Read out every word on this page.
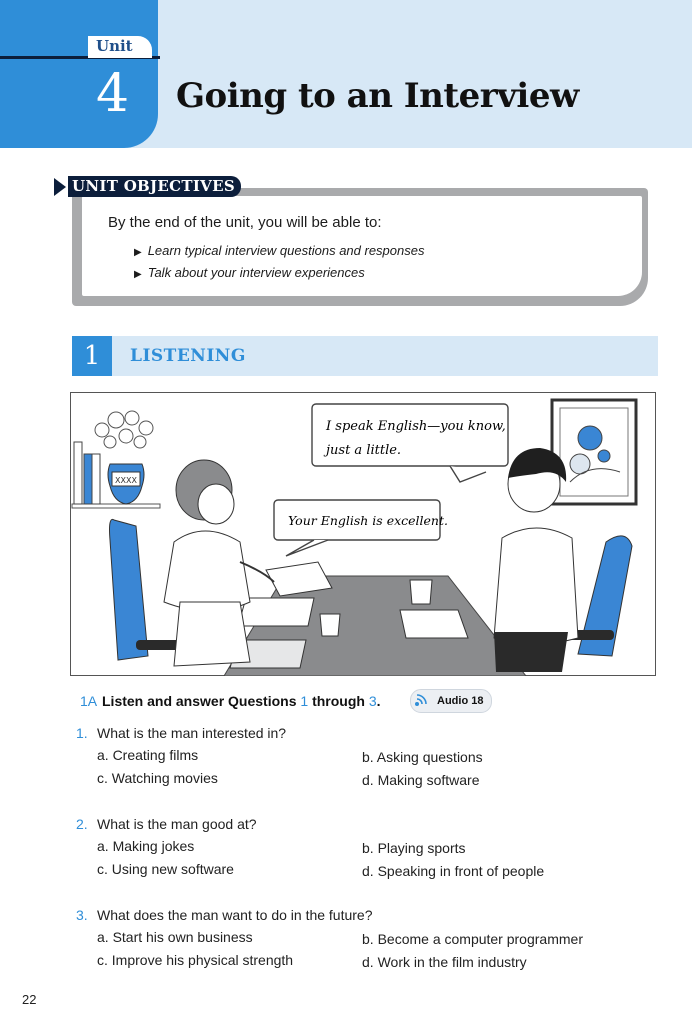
Unit
4 Going to an Interview
UNIT OBJECTIVES
By the end of the unit, you will be able to:
▶ Learn typical interview questions and responses
▶ Talk about your interview experiences
1	LISTENING
XXXX
I speak English—you know,
just a little.
Your English is excellent.
1A Listen and answer Questions 1 through 3.	Audio 18
1. What is the man interested in?
a. Creating films	b. Asking questions
c. Watching movies	d. Making software
2. What is the man good at?
a. Making jokes	b. Playing sports
c. Using new software	d. Speaking in front of people
3. What does the man want to do in the future?
a. Start his own business	b. Become a computer programmer
c. Improve his physical strength	d. Work in the film industry
22
